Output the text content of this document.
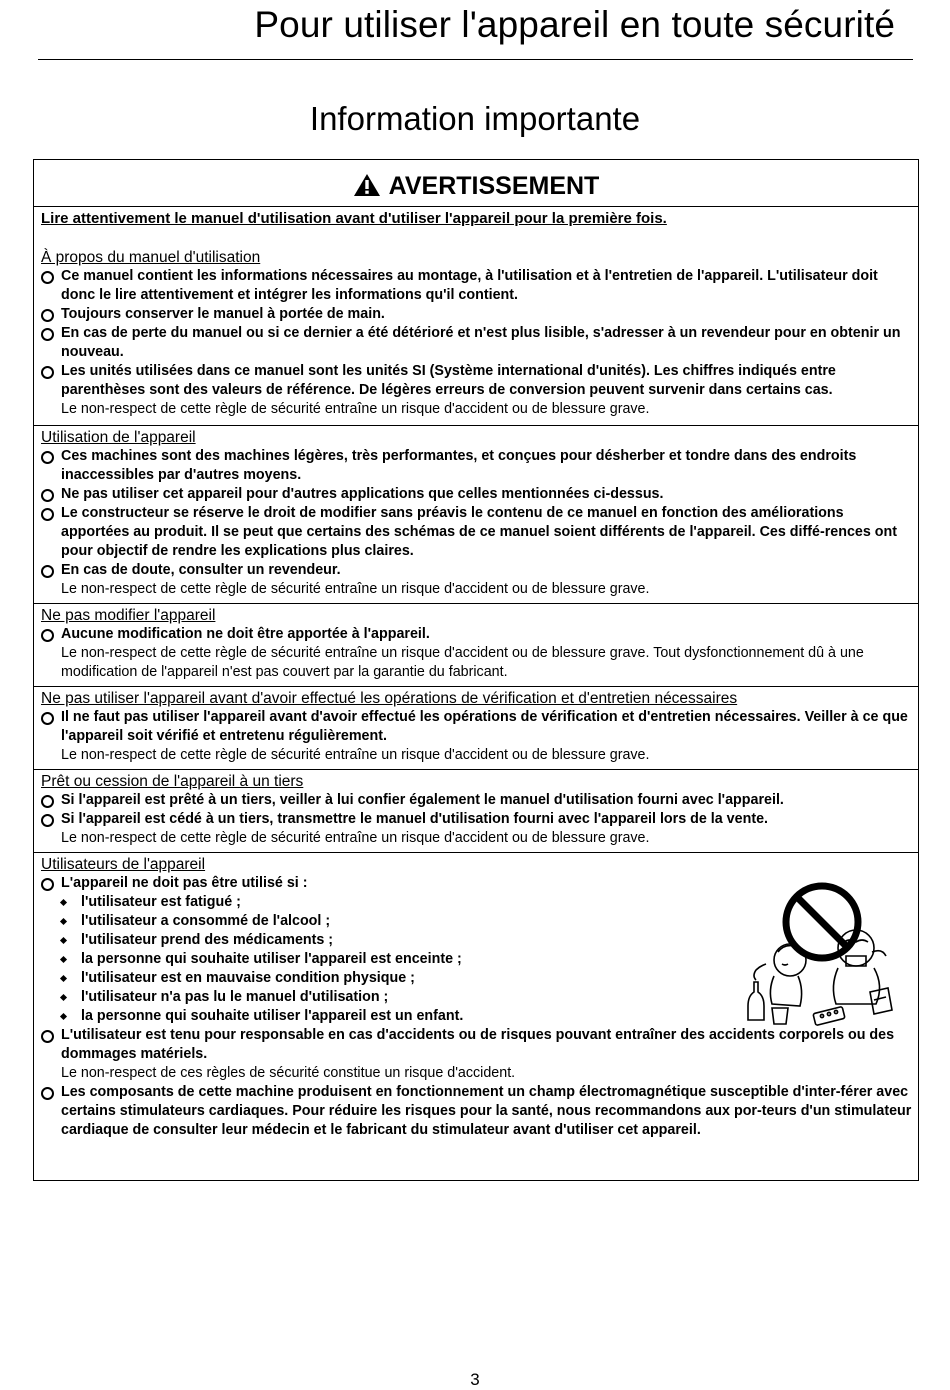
Pour utiliser l'appareil en toute sécurité
Information importante
AVERTISSEMENT
Lire attentivement le manuel d'utilisation avant d'utiliser l'appareil pour la première fois.
À propos du manuel d'utilisation
Ce manuel contient les informations nécessaires au montage, à l'utilisation et à l'entretien de l'appareil. L'utilisateur doit donc le lire attentivement et intégrer les informations qu'il contient.
Toujours conserver le manuel à portée de main.
En cas de perte du manuel ou si ce dernier a été détérioré et n'est plus lisible, s'adresser à un revendeur pour en obtenir un nouveau.
Les unités utilisées dans ce manuel sont les unités SI (Système international d'unités). Les chiffres indiqués entre parenthèses sont des valeurs de référence. De légères erreurs de conversion peuvent survenir dans certains cas.
Le non-respect de cette règle de sécurité entraîne un risque d'accident ou de blessure grave.
Utilisation de l'appareil
Ces machines sont des machines légères, très performantes, et conçues pour désherber et tondre dans des endroits inaccessibles par d'autres moyens.
Ne pas utiliser cet appareil pour d'autres applications que celles mentionnées ci-dessus.
Le constructeur se réserve le droit de modifier sans préavis le contenu de ce manuel en fonction des améliorations apportées au produit. Il se peut que certains des schémas de ce manuel soient différents de l'appareil. Ces diffé-rences ont pour objectif de rendre les explications plus claires.
En cas de doute, consulter un revendeur.
Le non-respect de cette règle de sécurité entraîne un risque d'accident ou de blessure grave.
Ne pas modifier l'appareil
Aucune modification ne doit être apportée à l'appareil.
Le non-respect de cette règle de sécurité entraîne un risque d'accident ou de blessure grave. Tout dysfonctionnement dû à une modification de l'appareil n'est pas couvert par la garantie du fabricant.
Ne pas utiliser l'appareil avant d'avoir effectué les opérations de vérification et d'entretien nécessaires
Il ne faut pas utiliser l'appareil avant d'avoir effectué les opérations de vérification et d'entretien nécessaires. Veiller à ce que l'appareil soit vérifié et entretenu régulièrement.
Le non-respect de cette règle de sécurité entraîne un risque d'accident ou de blessure grave.
Prêt ou cession de l'appareil à un tiers
Si l'appareil est prêté à un tiers, veiller à lui confier également le manuel d'utilisation fourni avec l'appareil.
Si l'appareil est cédé à un tiers, transmettre le manuel d'utilisation fourni avec l'appareil lors de la vente.
Le non-respect de cette règle de sécurité entraîne un risque d'accident ou de blessure grave.
Utilisateurs de l'appareil
L'appareil ne doit pas être utilisé si :
l'utilisateur est fatigué ;
l'utilisateur a consommé de l'alcool ;
l'utilisateur prend des médicaments ;
la personne qui souhaite utiliser l'appareil est enceinte ;
l'utilisateur est en mauvaise condition physique ;
l'utilisateur n'a pas lu le manuel d'utilisation ;
la personne qui souhaite utiliser l'appareil est un enfant.
L'utilisateur est tenu pour responsable en cas d'accidents ou de risques pouvant entraîner des accidents corporels ou des dommages matériels.
Le non-respect de ces règles de sécurité constitue un risque d'accident.
Les composants de cette machine produisent en fonctionnement un champ électromagnétique susceptible d'inter-férer avec certains stimulateurs cardiaques. Pour réduire les risques pour la santé, nous recommandons aux por-teurs d'un stimulateur cardiaque de consulter leur médecin et le fabricant du stimulateur avant d'utiliser cet appareil.
3
